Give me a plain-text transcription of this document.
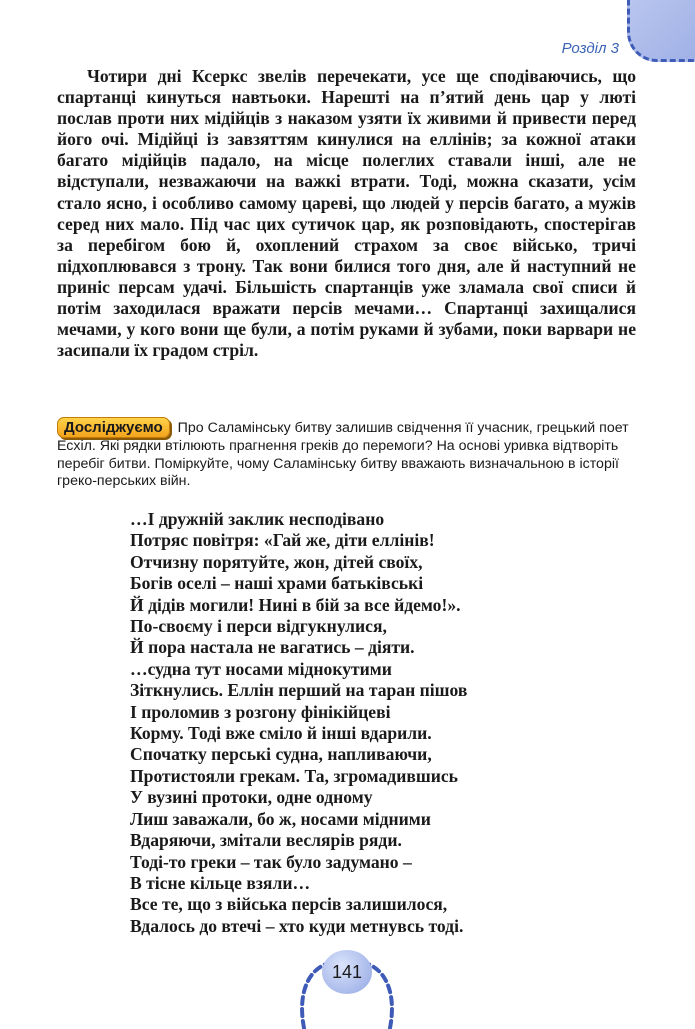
Розділ 3

Чотири дні Ксеркс звелів перечекати, усе ще сподіваючись, що спартанці кинуться навтьоки. Нарешті на п’ятий день цар у люті послав проти них мідійців з наказом узяти їх живими й привести перед його очі. Мідійці із завзяттям кинулися на еллінів; за кожної атаки багато мідійців падало, на місце полеглих ставали інші, але не відступали, незважаючи на важкі втрати. Тоді, можна сказати, усім стало ясно, і особливо самому цареві, що людей у персів багато, а мужів серед них мало. Під час цих сутичок цар, як розповідають, спостерігав за перебігом бою й, охоплений страхом за своє військо, тричі підхоплювався з трону. Так вони билися того дня, але й наступний не приніс персам удачі. Більшість спартанців уже зламала свої списи й потім заходилася вражати персів мечами… Спартанці захищалися мечами, у кого вони ще були, а потім руками й зубами, поки варвари не засипали їх градом стріл.

Досліджуємо Про Саламінську битву залишив свідчення її учасник, грецький поет Есхіл. Які рядки втілюють прагнення греків до перемоги? На основі уривка відтворіть перебіг битви. Поміркуйте, чому Саламінську битву вважають визначальною в історії греко-перських війн.

…І дружній заклик несподівано
Потряс повітря: «Гай же, діти еллінів!
Отчизну порятуйте, жон, дітей своїх,
Богів оселі – наші храми батьківські
Й дідів могили! Нині в бій за все йдемо!».
По-своєму і перси відгукнулися,
Й пора настала не вагатись – діяти.
…судна тут носами міднокутими
Зіткнулись. Еллін перший на таран пішов
І проломив з розгону фінікійцеві
Корму. Тоді вже сміло й інші вдарили.
Спочатку перські судна, напливаючи,
Протистояли грекам. Та, згромадившись
У вузині протоки, одне одному
Лиш заважали, бо ж, носами мідними
Вдаряючи, змітали веслярів ряди.
Тоді-то греки – так було задумано –
В тісне кільце взяли…
Все те, що з війська персів залишилося,
Вдалось до втечі – хто куди метнувсь тоді.
141
